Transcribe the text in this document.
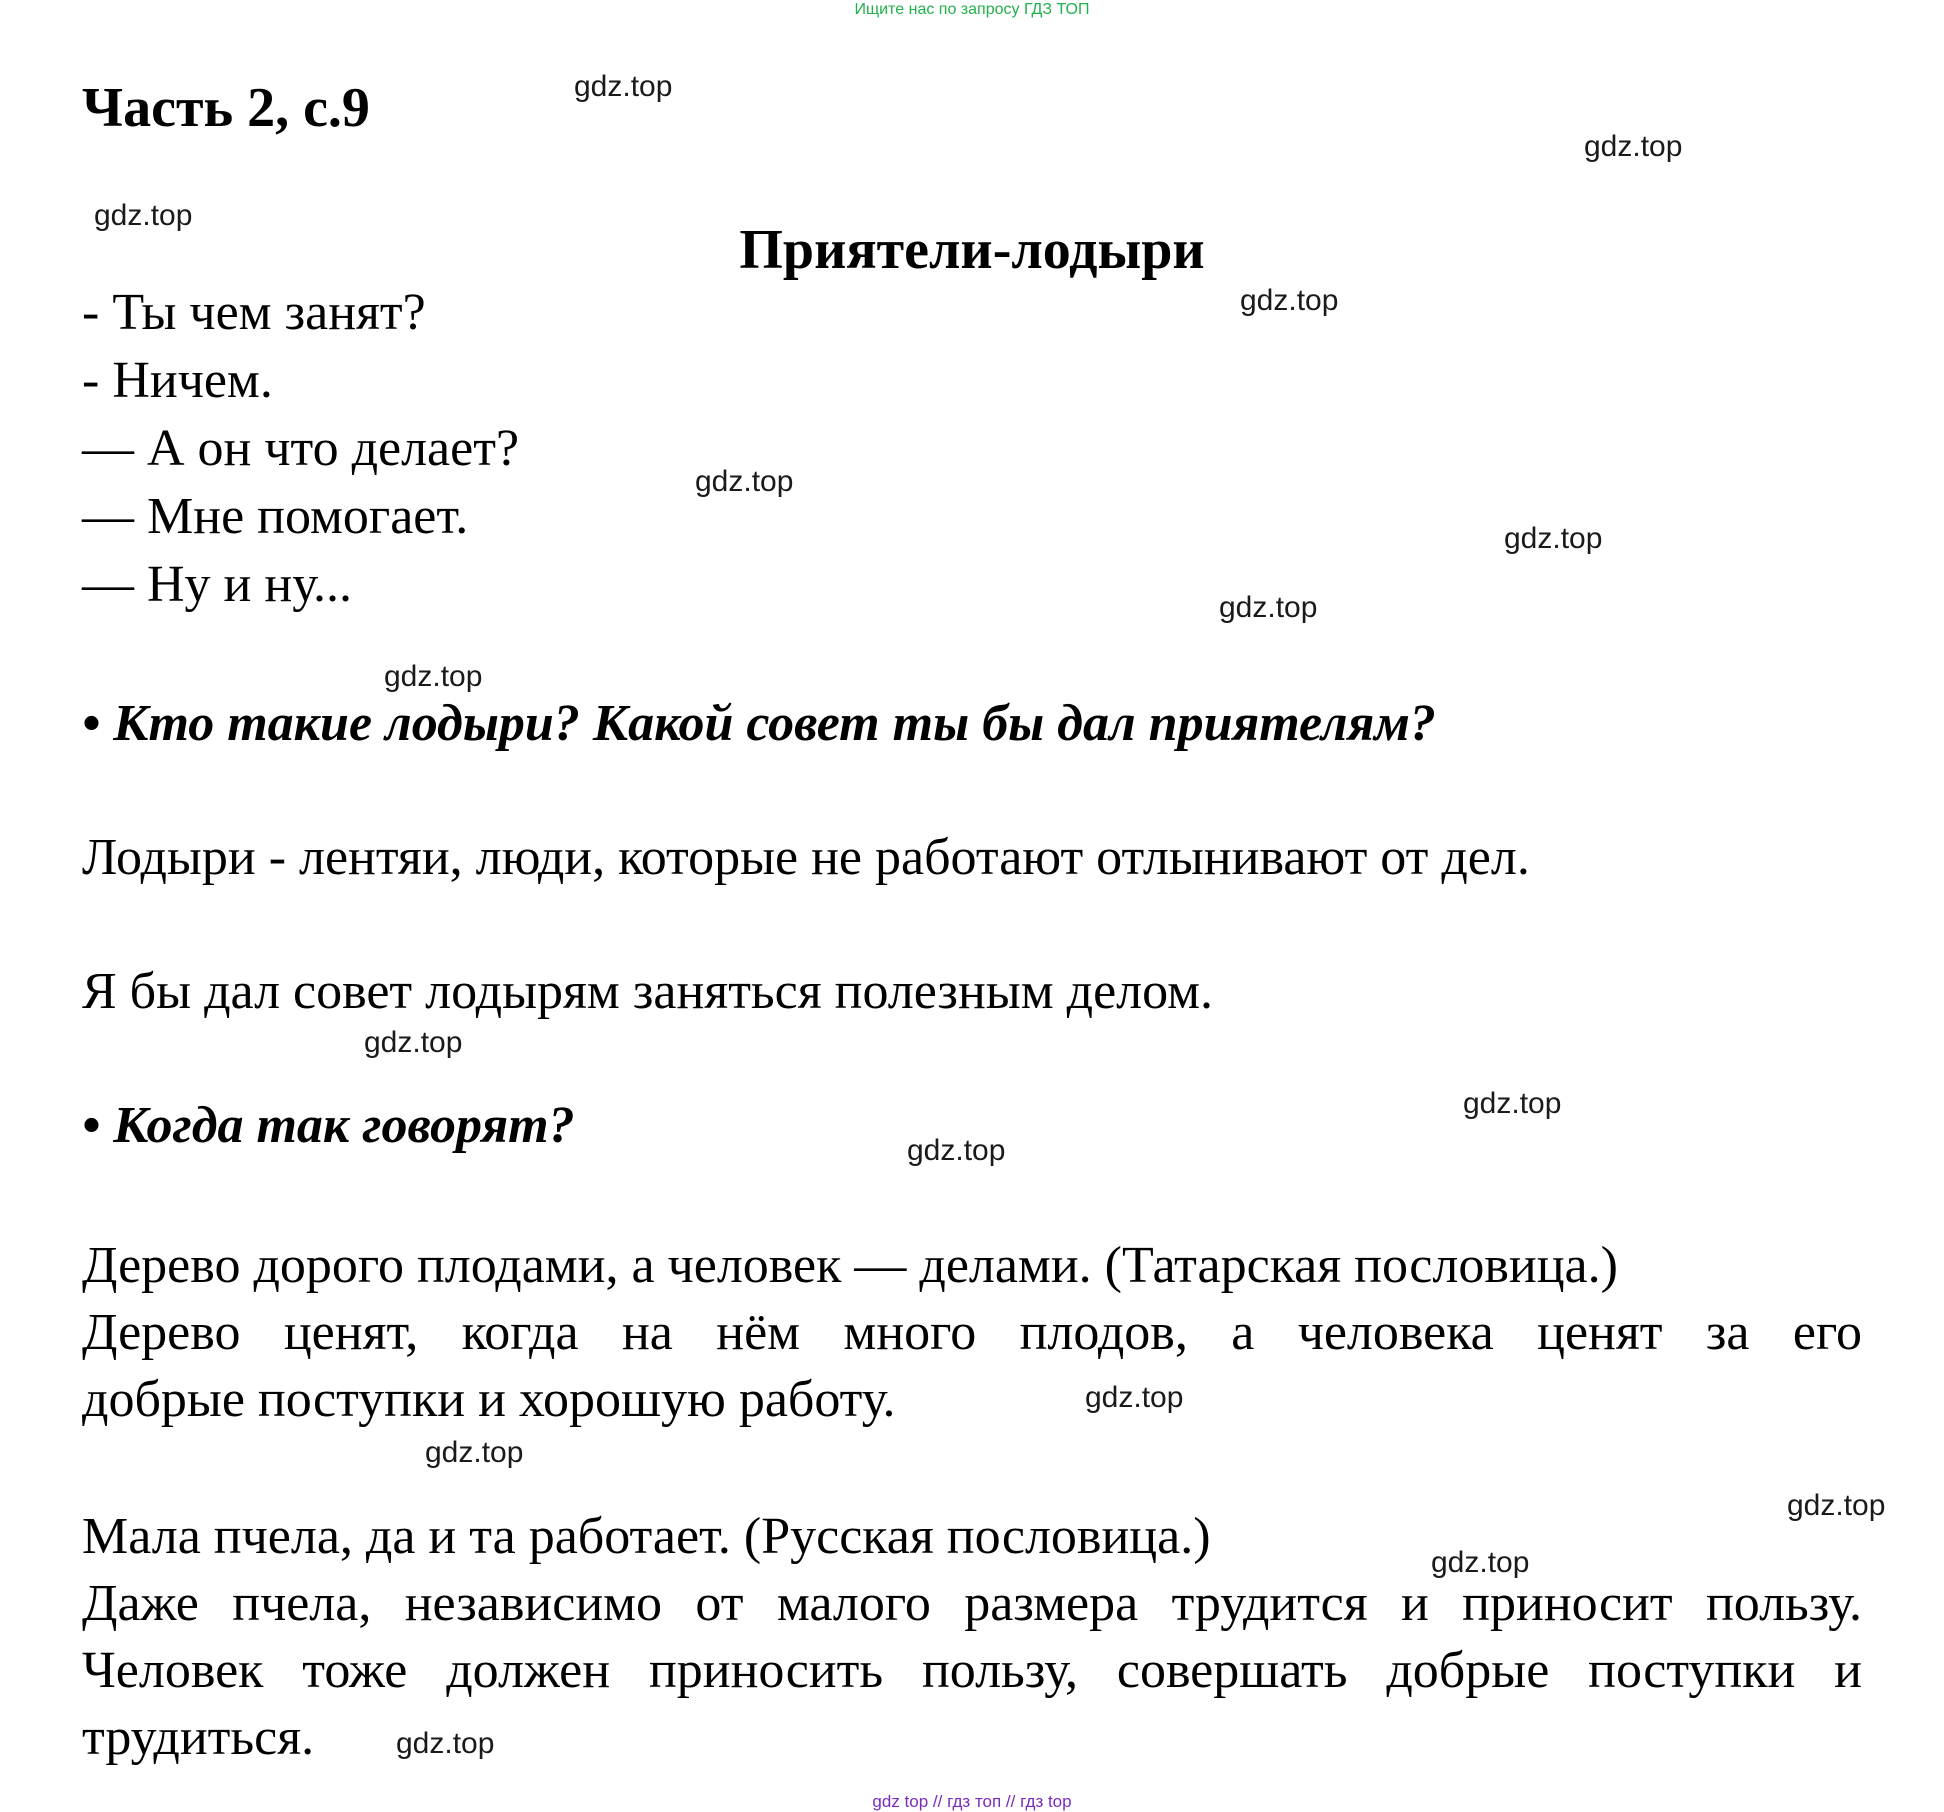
Ищите нас по запросу ГДЗ ТОП

Часть 2, с.9
Приятели-лодыри
- Ты чем занят?
- Ничем.
— А он что делает?
— Мне помогает.
— Ну и ну...

• Кто такие лодыри? Какой совет ты бы дал приятелям?

Лодыри - лентяи, люди, которые не работают отлынивают от дел.

Я бы дал совет лодырям заняться полезным делом.

• Когда так говорят?

Дерево дорого плодами, а человек — делами. (Татарская пословица.)
Дерево ценят, когда на нём много плодов, а человека ценят за его
добрые поступки и хорошую работу.
Мала пчела, да и та работает. (Русская пословица.)
Даже пчела, независимо от малого размера трудится и приносит пользу.
Человек тоже должен приносить пользу, совершать добрые поступки и
трудиться.
gdz.top
gdz.top
gdz.top
gdz.top
gdz.top
gdz.top
gdz.top
gdz.top
gdz.top
gdz.top
gdz.top
gdz.top
gdz.top
gdz.top
gdz.top
gdz.top

gdz top // гдз топ // гдз top
